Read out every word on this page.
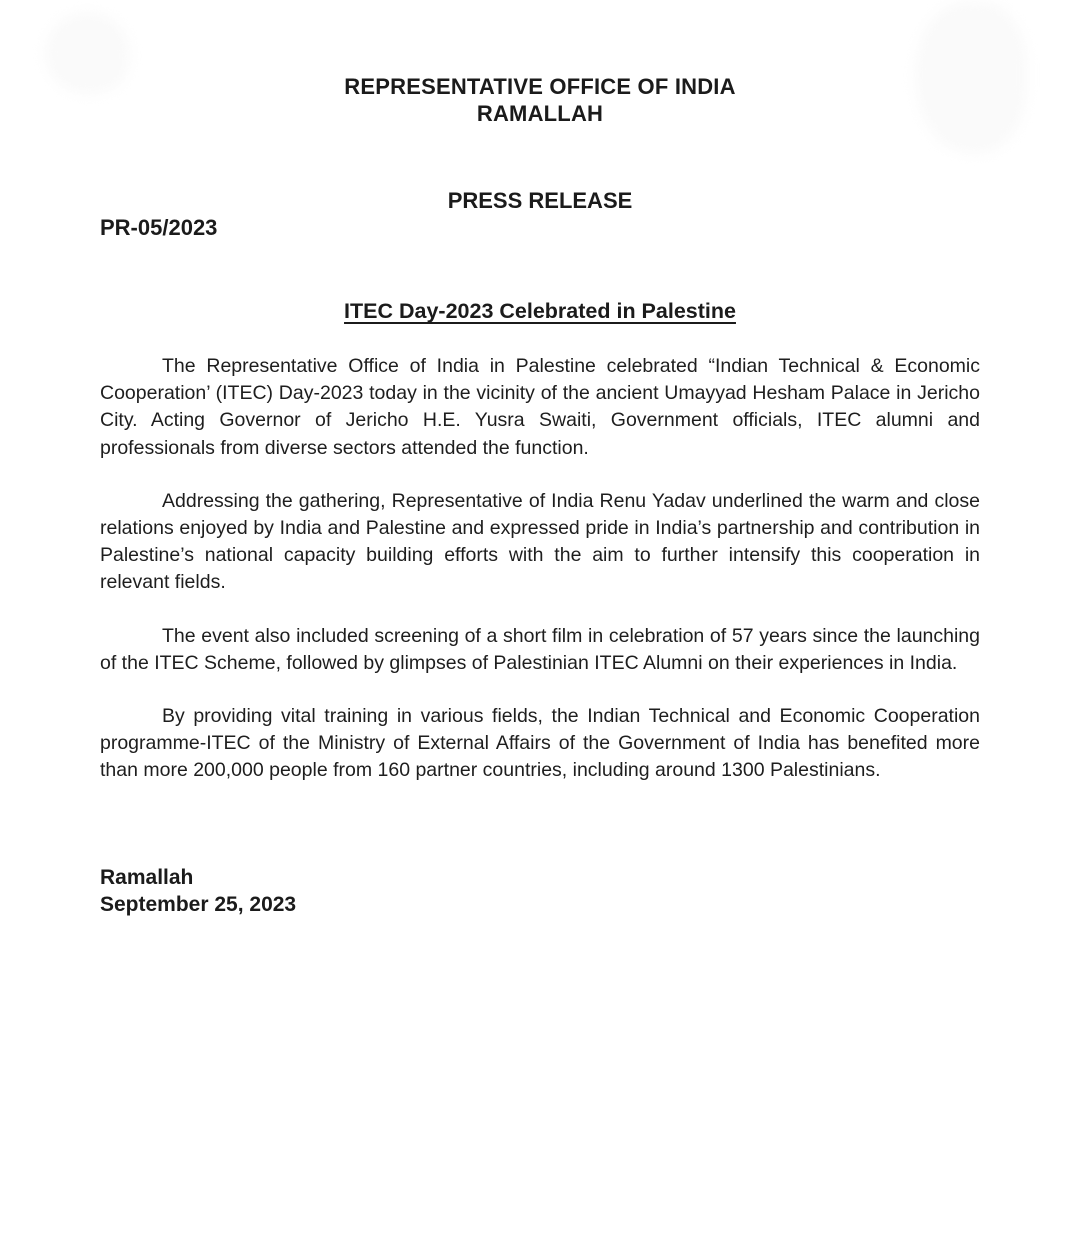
REPRESENTATIVE OFFICE OF INDIA
RAMALLAH
PRESS RELEASE
PR-05/2023
ITEC Day-2023 Celebrated in Palestine

The Representative Office of India in Palestine celebrated “Indian Technical & Economic Cooperation’ (ITEC) Day-2023 today in the vicinity of the ancient Umayyad Hesham Palace in Jericho City. Acting Governor of Jericho H.E. Yusra Swaiti, Government officials, ITEC alumni and professionals from diverse sectors attended the function.

Addressing the gathering, Representative of India Renu Yadav underlined the warm and close relations enjoyed by India and Palestine and expressed pride in India’s partnership and contribution in Palestine’s national capacity building efforts with the aim to further intensify this cooperation in relevant fields.

The event also included screening of a short film in celebration of 57 years since the launching of the ITEC Scheme, followed by glimpses of Palestinian ITEC Alumni on their experiences in India.

By providing vital training in various fields, the Indian Technical and Economic Cooperation programme-ITEC of the Ministry of External Affairs of the Government of India has benefited more than more 200,000 people from 160 partner countries, including around 1300 Palestinians.

Ramallah
September 25, 2023
